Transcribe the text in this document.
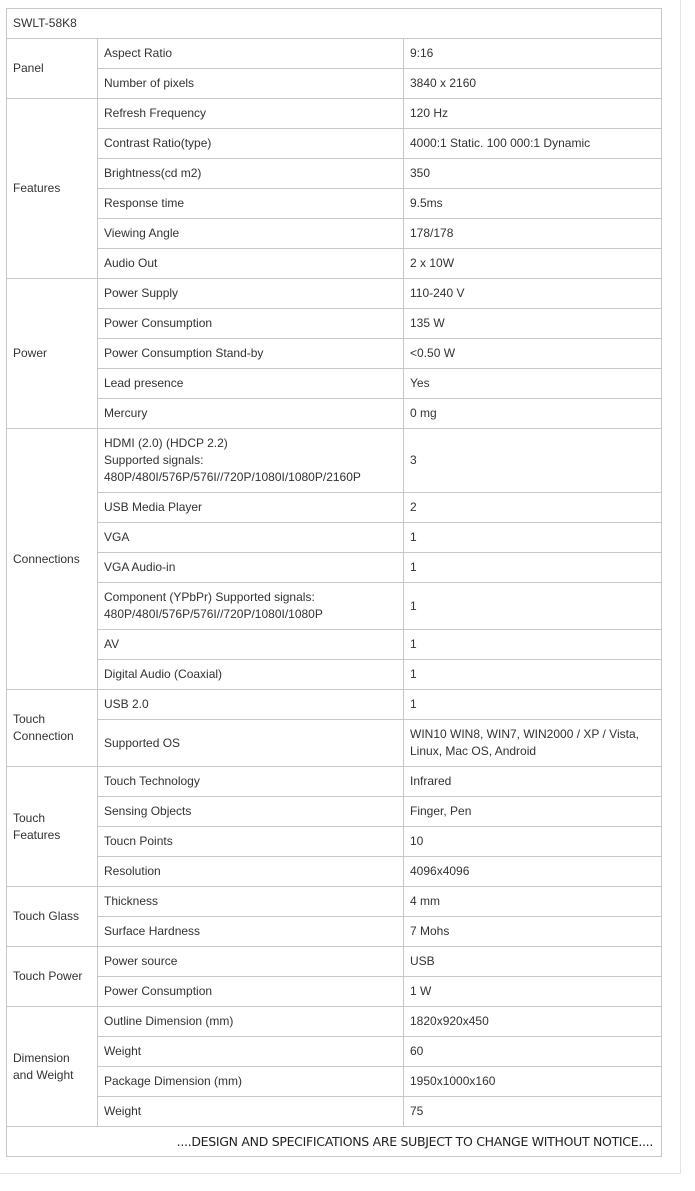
SWLT-58K8		
Panel	Aspect Ratio	9:16
	Number of pixels	3840 x 2160
Features	Refresh Frequency	120 Hz
	Contrast Ratio(type)	4000:1 Static. 100 000:1 Dynamic
	Brightness(cd m2)	350
	Response time	9.5ms
	Viewing Angle	178/178
	Audio Out	2 x 10W
Power	Power Supply	110-240 V
	Power Consumption	135 W
	Power Consumption Stand-by	<0.50 W
	Lead presence	Yes
	Mercury	0 mg
Connections	HDMI (2.0) (HDCP 2.2)
Supported signals:
480P/480I/576P/576I//720P/1080I/1080P/2160P	3
	USB Media Player	2
	VGA	1
	VGA Audio-in	1
	Component (YPbPr) Supported signals:
480P/480I/576P/576I//720P/1080I/1080P	1
	AV	1
	Digital Audio (Coaxial)	1
Touch
Connection	USB 2.0	1
	Supported OS	WIN10 WIN8, WIN7, WIN2000 / XP / Vista,
Linux, Mac OS, Android
Touch
Features	Touch Technology	Infrared
	Sensing Objects	Finger, Pen
	Toucn Points	10
	Resolution	4096x4096
Touch Glass	Thickness	4 mm
	Surface Hardness	7 Mohs
Touch Power	Power source	USB
	Power Consumption	1 W
Dimension
and Weight	Outline Dimension (mm)	1820x920x450
	Weight	60
	Package Dimension (mm)	1950x1000x160
	Weight	75
....DESIGN AND SPECIFICATIONS ARE SUBJECT TO CHANGE WITHOUT NOTICE....		
